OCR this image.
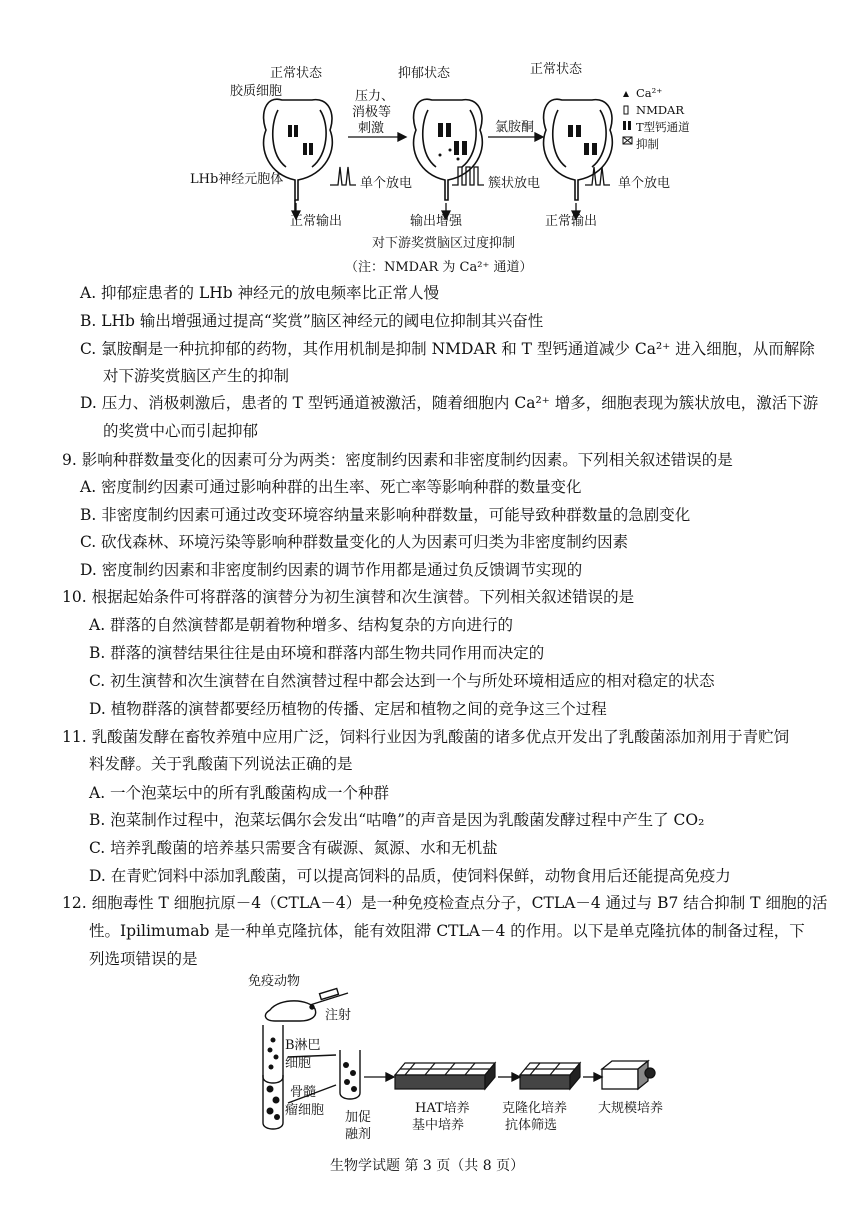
正常状态
胶质细胞
LHb神经元胞体
压力、
消极等
刺激
抑郁状态
氯胺酮
正常状态
Ca²⁺
NMDAR
T型钙通道
抑制
单个放电	簇状放电	单个放电
正常输出	输出增强	正常输出
对下游奖赏脑区过度抑制
（注：NMDAR 为 Ca²⁺ 通道）
A. 抑郁症患者的 LHb 神经元的放电频率比正常人慢
B. LHb 输出增强通过提高“奖赏”脑区神经元的阈电位抑制其兴奋性
C. 氯胺酮是一种抗抑郁的药物，其作用机制是抑制 NMDAR 和 T 型钙通道减少 Ca²⁺ 进入细胞，从而解除
对下游奖赏脑区产生的抑制
D. 压力、消极刺激后，患者的 T 型钙通道被激活，随着细胞内 Ca²⁺ 增多，细胞表现为簇状放电，激活下游
的奖赏中心而引起抑郁
9. 影响种群数量变化的因素可分为两类：密度制约因素和非密度制约因素。下列相关叙述错误的是
A. 密度制约因素可通过影响种群的出生率、死亡率等影响种群的数量变化
B. 非密度制约因素可通过改变环境容纳量来影响种群数量，可能导致种群数量的急剧变化
C. 砍伐森林、环境污染等影响种群数量变化的人为因素可归类为非密度制约因素
D. 密度制约因素和非密度制约因素的调节作用都是通过负反馈调节实现的
10. 根据起始条件可将群落的演替分为初生演替和次生演替。下列相关叙述错误的是
A. 群落的自然演替都是朝着物种增多、结构复杂的方向进行的
B. 群落的演替结果往往是由环境和群落内部生物共同作用而决定的
C. 初生演替和次生演替在自然演替过程中都会达到一个与所处环境相适应的相对稳定的状态
D. 植物群落的演替都要经历植物的传播、定居和植物之间的竞争这三个过程
11. 乳酸菌发酵在畜牧养殖中应用广泛，饲料行业因为乳酸菌的诸多优点开发出了乳酸菌添加剂用于青贮饲
料发酵。关于乳酸菌下列说法正确的是
A. 一个泡菜坛中的所有乳酸菌构成一个种群
B. 泡菜制作过程中，泡菜坛偶尔会发出“咕噜”的声音是因为乳酸菌发酵过程中产生了 CO₂
C. 培养乳酸菌的培养基只需要含有碳源、氮源、水和无机盐
D. 在青贮饲料中添加乳酸菌，可以提高饲料的品质，使饲料保鲜，动物食用后还能提高免疫力
12. 细胞毒性 T 细胞抗原－4（CTLA－4）是一种免疫检查点分子，CTLA－4 通过与 B7 结合抑制 T 细胞的活
性。Ipilimumab 是一种单克隆抗体，能有效阻滞 CTLA－4 的作用。以下是单克隆抗体的制备过程，下
列选项错误的是
免疫动物
注射
B淋巴
细胞
骨髓
瘤细胞 加促
融剂
HAT培养
基中培养
克隆化培养
抗体筛选
大规模培养
生物学试题 第 3 页（共 8 页）
